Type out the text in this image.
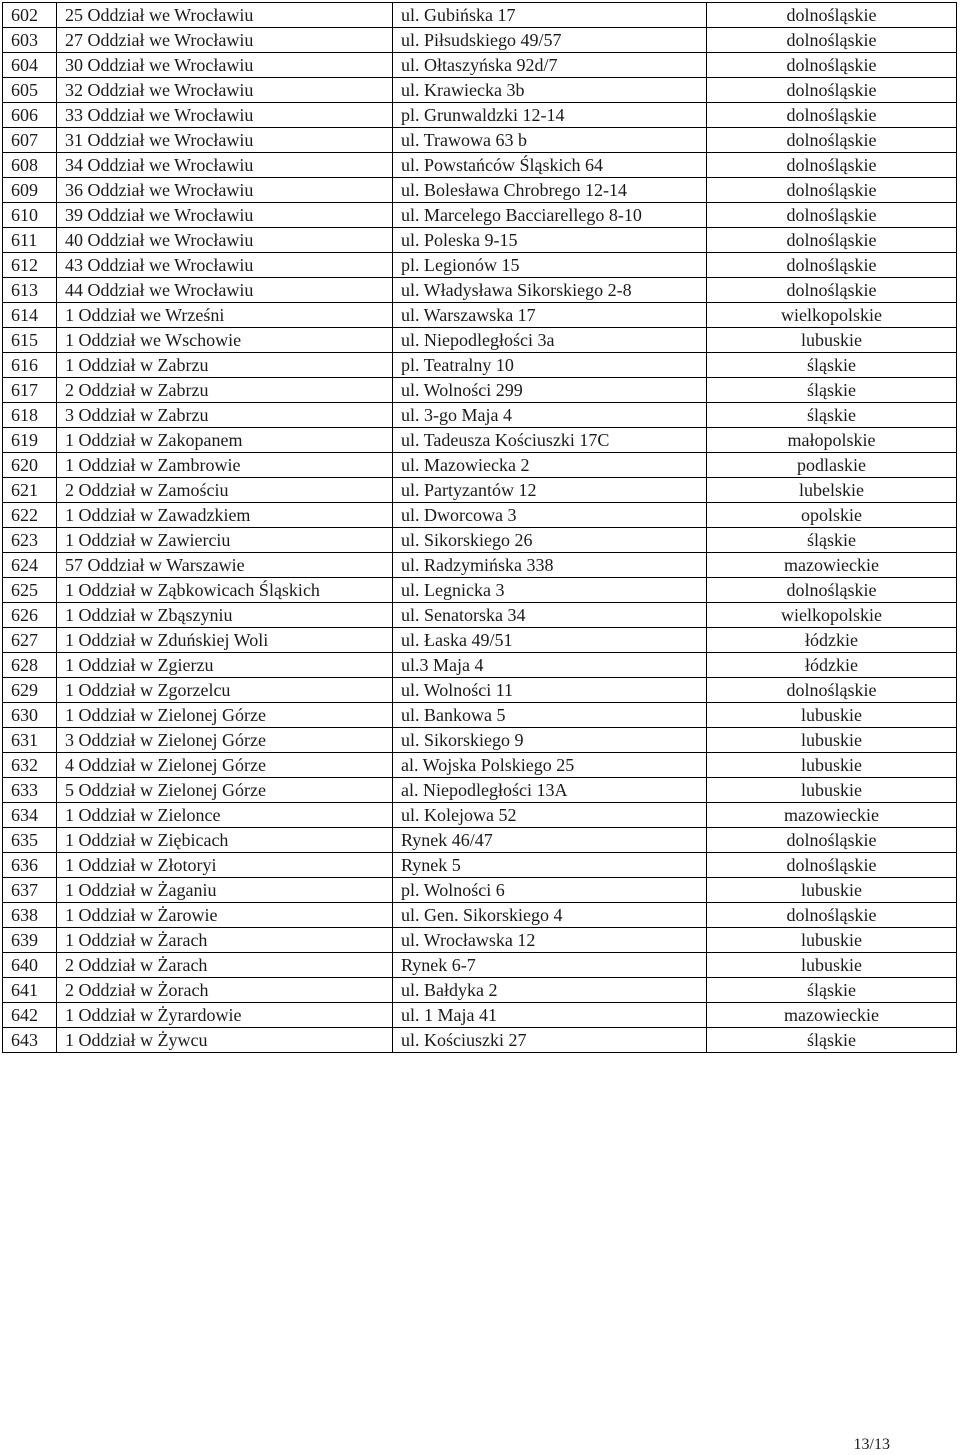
602	25 Oddział we Wrocławiu	ul. Gubińska 17	dolnośląskie
603	27 Oddział we Wrocławiu	ul. Piłsudskiego 49/57	dolnośląskie
604	30 Oddział we Wrocławiu	ul. Ołtaszyńska 92d/7	dolnośląskie
605	32 Oddział we Wrocławiu	ul. Krawiecka 3b	dolnośląskie
606	33 Oddział we Wrocławiu	pl. Grunwaldzki 12-14	dolnośląskie
607	31 Oddział we Wrocławiu	ul. Trawowa 63 b	dolnośląskie
608	34 Oddział we Wrocławiu	ul. Powstańców Śląskich 64	dolnośląskie
609	36 Oddział we Wrocławiu	ul. Bolesława Chrobrego 12-14	dolnośląskie
610	39 Oddział we Wrocławiu	ul. Marcelego Bacciarellego 8-10	dolnośląskie
611	40 Oddział we Wrocławiu	ul. Poleska 9-15	dolnośląskie
612	43 Oddział we Wrocławiu	pl. Legionów 15	dolnośląskie
613	44 Oddział we Wrocławiu	ul. Władysława Sikorskiego 2-8	dolnośląskie
614	1 Oddział we Wrześni	ul. Warszawska 17	wielkopolskie
615	1 Oddział we Wschowie	ul. Niepodległości 3a	lubuskie
616	1 Oddział w Zabrzu	pl. Teatralny 10	śląskie
617	2 Oddział w Zabrzu	ul. Wolności 299	śląskie
618	3 Oddział w Zabrzu	ul. 3-go Maja 4	śląskie
619	1 Oddział w Zakopanem	ul. Tadeusza Kościuszki 17C	małopolskie
620	1 Oddział w Zambrowie	ul. Mazowiecka 2	podlaskie
621	2 Oddział w Zamościu	ul. Partyzantów 12	lubelskie
622	1 Oddział w Zawadzkiem	ul. Dworcowa 3	opolskie
623	1 Oddział w Zawierciu	ul. Sikorskiego 26	śląskie
624	57 Oddział w Warszawie	ul. Radzymińska 338	mazowieckie
625	1 Oddział w Ząbkowicach Śląskich	ul. Legnicka 3	dolnośląskie
626	1 Oddział w Zbąszyniu	ul. Senatorska 34	wielkopolskie
627	1 Oddział w Zduńskiej Woli	ul. Łaska 49/51	łódzkie
628	1 Oddział w Zgierzu	ul.3 Maja 4	łódzkie
629	1 Oddział w Zgorzelcu	ul. Wolności 11	dolnośląskie
630	1 Oddział w Zielonej Górze	ul. Bankowa 5	lubuskie
631	3 Oddział w Zielonej Górze	ul. Sikorskiego 9	lubuskie
632	4 Oddział w Zielonej Górze	al. Wojska Polskiego 25	lubuskie
633	5 Oddział w Zielonej Górze	al. Niepodległości 13A	lubuskie
634	1 Oddział w Zielonce	ul. Kolejowa 52	mazowieckie
635	1 Oddział w Ziębicach	Rynek 46/47	dolnośląskie
636	1 Oddział w Złotoryi	Rynek 5	dolnośląskie
637	1 Oddział w Żaganiu	pl. Wolności 6	lubuskie
638	1 Oddział w Żarowie	ul. Gen. Sikorskiego 4	dolnośląskie
639	1 Oddział w Żarach	ul. Wrocławska 12	lubuskie
640	2 Oddział w Żarach	Rynek 6-7	lubuskie
641	2 Oddział w Żorach	ul. Bałdyka 2	śląskie
642	1 Oddział w Żyrardowie	ul. 1 Maja 41	mazowieckie
643	1 Oddział w Żywcu	ul. Kościuszki 27	śląskie
13/13
